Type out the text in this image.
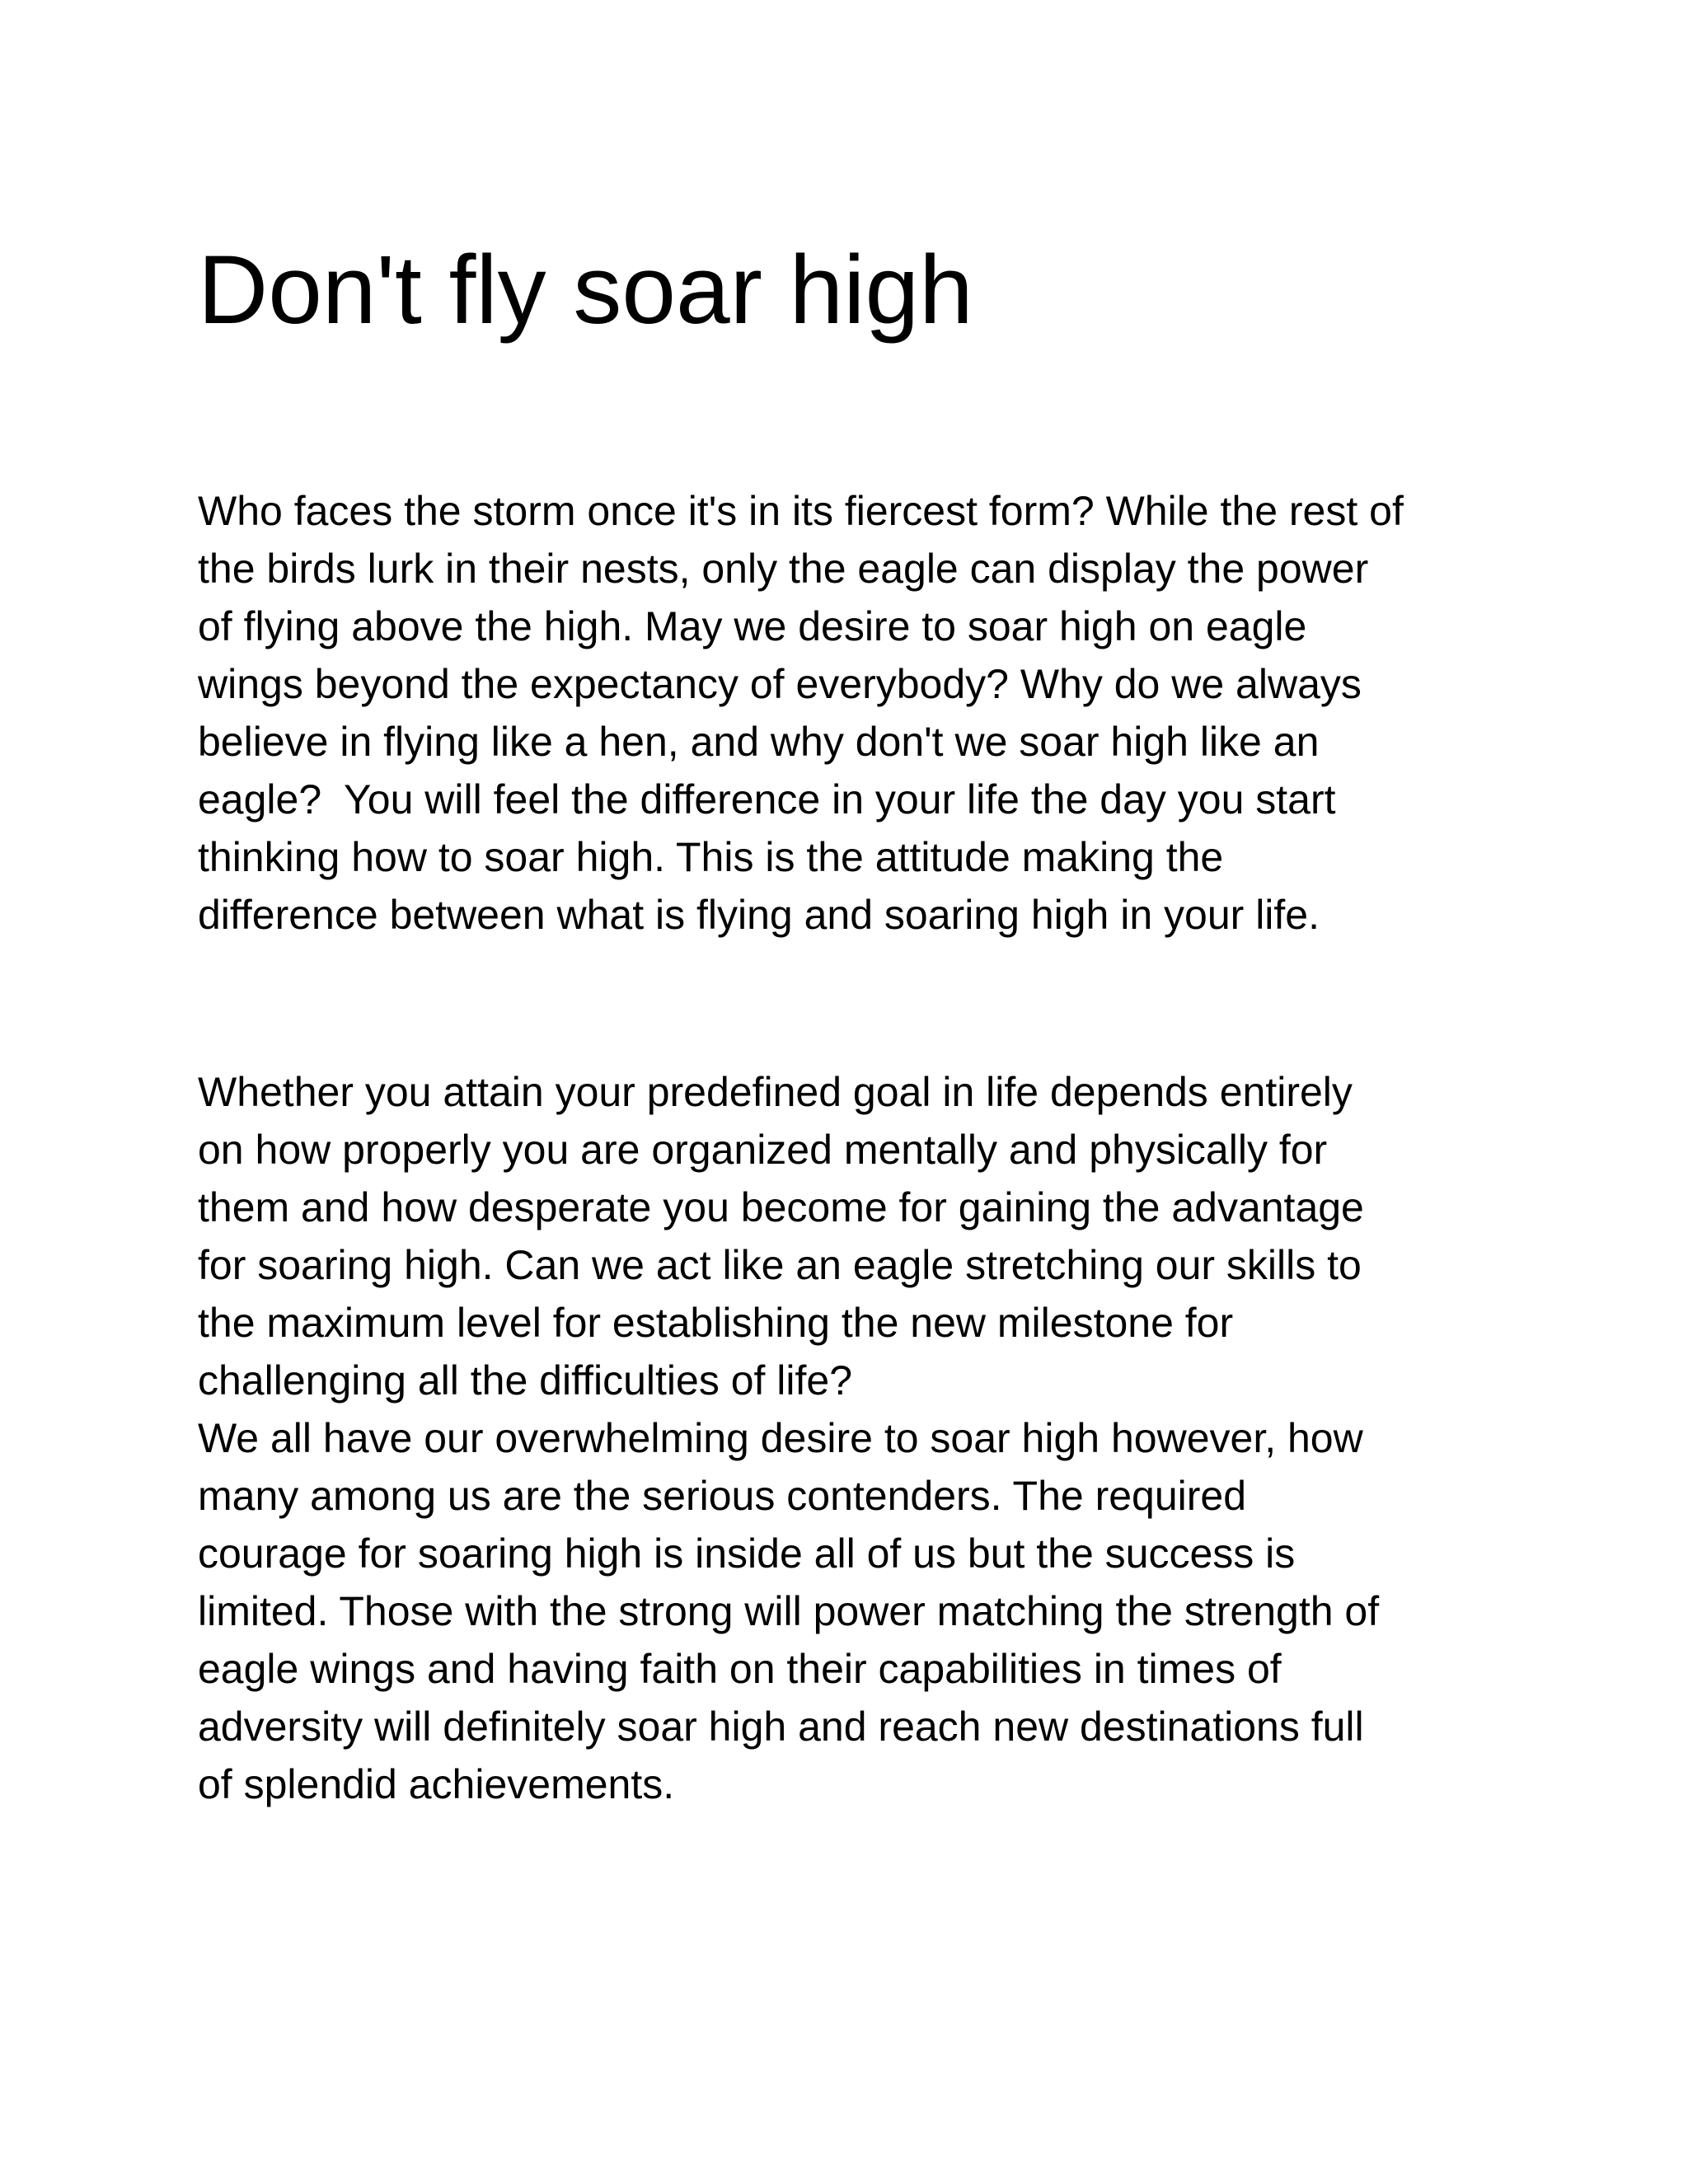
Don't fly soar high
Who faces the storm once it's in its fiercest form? While the rest of
the birds lurk in their nests, only the eagle can display the power
of flying above the high. May we desire to soar high on eagle
wings beyond the expectancy of everybody? Why do we always
believe in flying like a hen, and why don't we soar high like an
eagle?  You will feel the difference in your life the day you start
thinking how to soar high. This is the attitude making the
difference between what is flying and soaring high in your life.
Whether you attain your predefined goal in life depends entirely
on how properly you are organized mentally and physically for
them and how desperate you become for gaining the advantage
for soaring high. Can we act like an eagle stretching our skills to
the maximum level for establishing the new milestone for
challenging all the difficulties of life?
We all have our overwhelming desire to soar high however, how
many among us are the serious contenders. The required
courage for soaring high is inside all of us but the success is
limited. Those with the strong will power matching the strength of
eagle wings and having faith on their capabilities in times of
adversity will definitely soar high and reach new destinations full
of splendid achievements.
